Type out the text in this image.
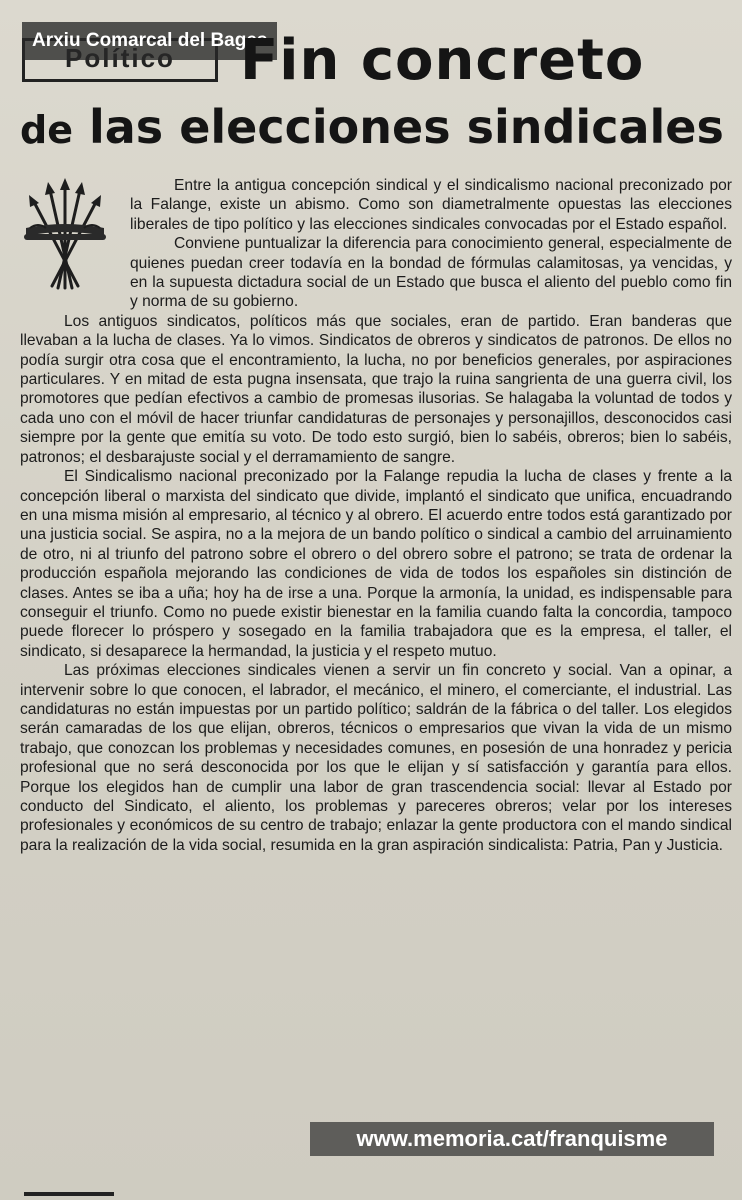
Arxiu Comarcal del Bages
Fin concreto
de las elecciones sindicales

Entre la antigua concepción sindical y el sindicalismo nacional preconizado por la Falange, existe un abismo. Como son diametralmente opuestas las elecciones liberales de tipo político y las elecciones sindicales convocadas por el Estado español.

Conviene puntualizar la diferencia para conocimiento general, especialmente de quienes puedan creer todavía en la bondad de fórmulas calamitosas, ya vencidas, y en la supuesta dictadura social de un Estado que busca el aliento del pueblo como fin y norma de su gobierno.

Los antiguos sindicatos, políticos más que sociales, eran de partido. Eran banderas que llevaban a la lucha de clases. Ya lo vimos. Sindicatos de obreros y sindicatos de patronos. De ellos no podía surgir otra cosa que el encontramiento, la lucha, no por beneficios generales, por aspiraciones particulares. Y en mitad de esta pugna insensata, que trajo la ruina sangrienta de una guerra civil, los promotores que pedían efectivos a cambio de promesas ilusorias. Se halagaba la voluntad de todos y cada uno con el móvil de hacer triunfar candidaturas de personajes y personajillos, desconocidos casi siempre por la gente que emitía su voto. De todo esto surgió, bien lo sabéis, obreros; bien lo sabéis, patronos; el desbarajuste social y el derramamiento de sangre.

El Sindicalismo nacional preconizado por la Falange repudia la lucha de clases y frente a la concepción liberal o marxista del sindicato que divide, implantó el sindicato que unifica, encuadrando en una misma misión al empresario, al técnico y al obrero. El acuerdo entre todos está garantizado por una justicia social. Se aspira, no a la mejora de un bando político o sindical a cambio del arruinamiento de otro, ni al triunfo del patrono sobre el obrero o del obrero sobre el patrono; se trata de ordenar la producción española mejorando las condiciones de vida de todos los españoles sin distinción de clases. Antes se iba a uña; hoy ha de irse a una. Porque la armonía, la unidad, es indispensable para conseguir el triunfo. Como no puede existir bienestar en la familia cuando falta la concordia, tampoco puede florecer lo próspero y sosegado en la familia trabajadora que es la empresa, el taller, el sindicato, si desaparece la hermandad, la justicia y el respeto mutuo.

Las próximas elecciones sindicales vienen a servir un fin concreto y social. Van a opinar, a intervenir sobre lo que conocen, el labrador, el mecánico, el minero, el comerciante, el industrial. Las candidaturas no están impuestas por un partido político; saldrán de la fábrica o del taller. Los elegidos serán camaradas de los que elijan, obreros, técnicos o empresarios que vivan la vida de un mismo trabajo, que conozcan los problemas y necesidades comunes, en posesión de una honradez y pericia profesional que no será desconocida por los que le elijan y sí satisfacción y garantía para ellos. Porque los elegidos han de cumplir una labor de gran trascendencia social: llevar al Estado por conducto del Sindicato, el aliento, los problemas y pareceres obreros; velar por los intereses profesionales y económicos de su centro de trabajo; enlazar la gente productora con el mando sindical para la realización de la vida social, resumida en la gran aspiración sindicalista: Patria, Pan y Justicia.

www.memoria.cat/franquisme
